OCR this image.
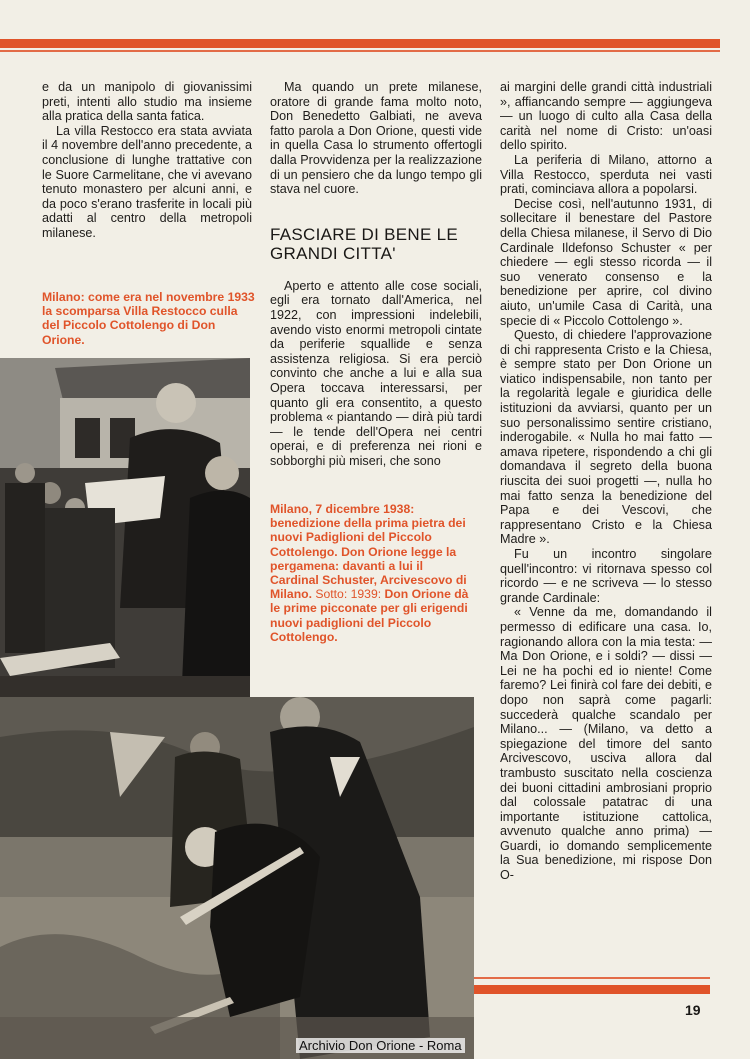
e da un manipolo di giovanissimi preti, intenti allo studio ma insieme alla pratica della santa fatica.

La villa Restocco era stata avviata il 4 novembre dell'anno precedente, a conclusione di lunghe trattative con le Suore Carmelitane, che vi avevano tenuto monastero per alcuni anni, e da poco s'erano trasferite in locali più adatti al centro della metropoli milanese.

Milano: come era nel novembre 1933 la scomparsa Villa Restocco culla del Piccolo Cottolengo di Don Orione.

Ma quando un prete milanese, oratore di grande fama molto noto, Don Benedetto Galbiati, ne aveva fatto parola a Don Orione, questi vide in quella Casa lo strumento offertogli dalla Provvidenza per la realizzazione di un pensiero che da lungo tempo gli stava nel cuore.

FASCIARE DI BENE LE GRANDI CITTA'

Aperto e attento alle cose sociali, egli era tornato dall'America, nel 1922, con impressioni indelebili, avendo visto enormi metropoli cintate da periferie squallide e senza assistenza religiosa. Si era perciò convinto che anche a lui e alla sua Opera toccava interessarsi, per quanto gli era consentito, a questo problema « piantando — dirà più tardi — le tende dell'Opera nei centri operai, e di preferenza nei rioni e sobborghi più miseri, che sono

Milano, 7 dicembre 1938: benedizione della prima pietra dei nuovi Padiglioni del Piccolo Cottolengo. Don Orione legge la pergamena: davanti a lui il Cardinal Schuster, Arcivescovo di Milano. Sotto: 1939: Don Orione dà le prime picconate per gli erigendi nuovi padiglioni del Piccolo Cottolengo.

ai margini delle grandi città industriali », affiancando sempre — aggiungeva — un luogo di culto alla Casa della carità nel nome di Cristo: un'oasi dello spirito.

La periferia di Milano, attorno a Villa Restocco, sperduta nei vasti prati, cominciava allora a popolarsi.

Decise così, nell'autunno 1931, di sollecitare il benestare del Pastore della Chiesa milanese, il Servo di Dio Cardinale Ildefonso Schuster « per chiedere — egli stesso ricorda — il suo venerato consenso e la benedizione per aprire, col divino aiuto, un'umile Casa di Carità, una specie di « Piccolo Cottolengo ».

Questo, di chiedere l'approvazione di chi rappresenta Cristo e la Chiesa, è sempre stato per Don Orione un viatico indispensabile, non tanto per la regolarità legale e giuridica delle istituzioni da avviarsi, quanto per un suo personalissimo sentire cristiano, inderogabile. « Nulla ho mai fatto — amava ripetere, rispondendo a chi gli domandava il segreto della buona riuscita dei suoi progetti —, nulla ho mai fatto senza la benedizione del Papa e dei Vescovi, che rappresentano Cristo e la Chiesa Madre ».

Fu un incontro singolare quell'incontro: vi ritornava spesso col ricordo — e ne scriveva — lo stesso grande Cardinale:

« Venne da me, domandando il permesso di edificare una casa. Io, ragionando allora con la mia testa: — Ma Don Orione, e i soldi? — dissi — Lei ne ha pochi ed io niente! Come faremo? Lei finirà col fare dei debiti, e dopo non saprà come pagarli: succederà qualche scandalo per Milano... — (Milano, va detto a spiegazione del timore del santo Arcivescovo, usciva allora dal trambusto suscitato nella coscienza dei buoni cittadini ambrosiani proprio dal colossale patatrac di una importante istituzione cattolica, avvenuto qualche anno prima) — Guardi, io domando semplicemente la Sua benedizione, mi rispose Don O-

19
Archivio Don Orione - Roma
